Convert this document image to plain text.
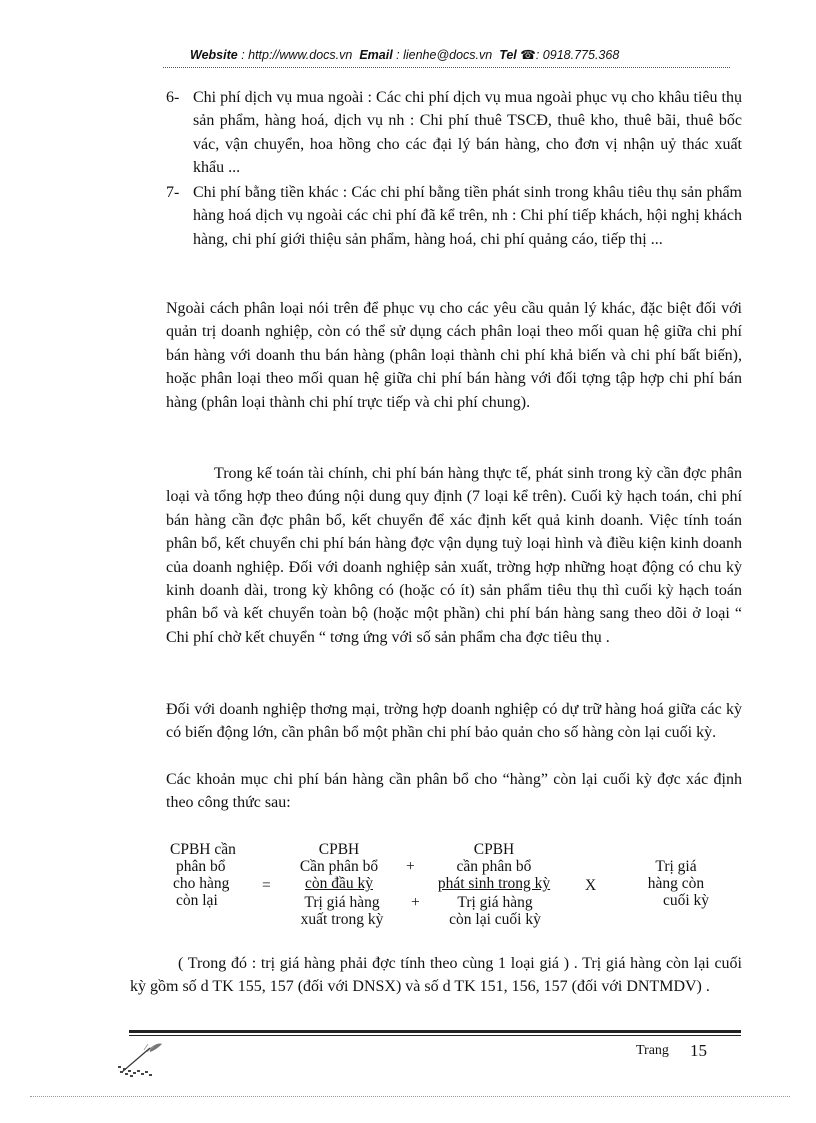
Website : http://www.docs.vn Email : lienhe@docs.vn Tel ☎: 0918.775.368
6- Chi phí dịch vụ mua ngoài : Các chi phí dịch vụ mua ngoài phục vụ cho khâu tiêu thụ sản phẩm, hàng hoá, dịch vụ nh : Chi phí thuê TSCĐ, thuê kho, thuê bãi, thuê bốc vác, vận chuyển, hoa hồng cho các đại lý bán hàng, cho đơn vị nhận uỷ thác xuất khẩu ...
7- Chi phí bằng tiền khác : Các chi phí bằng tiền phát sinh trong khâu tiêu thụ sản phẩm hàng hoá dịch vụ ngoài các chi phí đã kể trên, nh : Chi phí tiếp khách, hội nghị khách hàng, chi phí giới thiệu sản phẩm, hàng hoá, chi phí quảng cáo, tiếp thị ...
Ngoài cách phân loại nói trên để phục vụ cho các yêu cầu quản lý khác, đặc biệt đối với quản trị doanh nghiệp, còn có thể sử dụng cách phân loại theo mối quan hệ giữa chi phí bán hàng với doanh thu bán hàng (phân loại thành chi phí khả biến và chi phí bất biến), hoặc phân loại theo mối quan hệ giữa chi phí bán hàng với đối tợng tập hợp chi phí bán hàng (phân loại thành chi phí trực tiếp và chi phí chung).
Trong kế toán tài chính, chi phí bán hàng thực tế, phát sinh trong kỳ cần đợc phân loại và tổng hợp theo đúng nội dung quy định (7 loại kể trên). Cuối kỳ hạch toán, chi phí bán hàng cần đợc phân bổ, kết chuyển để xác định kết quả kinh doanh. Việc tính toán phân bổ, kết chuyển chi phí bán hàng đợc vận dụng tuỳ loại hình và điều kiện kinh doanh của doanh nghiệp. Đối với doanh nghiệp sản xuất, trờng hợp những hoạt động có chu kỳ kinh doanh dài, trong kỳ không có (hoặc có ít) sản phẩm tiêu thụ thì cuối kỳ hạch toán phân bổ và kết chuyển toàn bộ (hoặc một phần) chi phí bán hàng sang theo dõi ở loại “ Chi phí chờ kết chuyển “ tơng ứng với số sản phẩm cha đợc tiêu thụ .
Đối với doanh nghiệp thơng mại, trờng hợp doanh nghiệp có dự trữ hàng hoá giữa các kỳ có biến động lớn, cần phân bổ một phần chi phí bảo quản cho số hàng còn lại cuối kỳ.
Các khoản mục chi phí bán hàng cần phân bổ cho “hàng” còn lại cuối kỳ đợc xác định theo công thức sau:
CPBH cần
phân bổ
cho hàng
còn lại
=
CPBH
Cần phân bổ
còn đầu kỳ
+
CPBH
cần phân bổ
phát sinh trong kỳ
Trị giá hàng
xuất trong kỳ
+	Trị giá hàng
còn lại cuối kỳ
X
Trị giá
hàng còn
cuối kỳ
( Trong đó : trị giá hàng phải đợc tính theo cùng 1 loại giá ) . Trị giá hàng còn lại cuối kỳ gồm số d TK 155, 157 (đối với DNSX) và số d TK 151, 156, 157 (đối với DNTMDV) .
Trang 15
